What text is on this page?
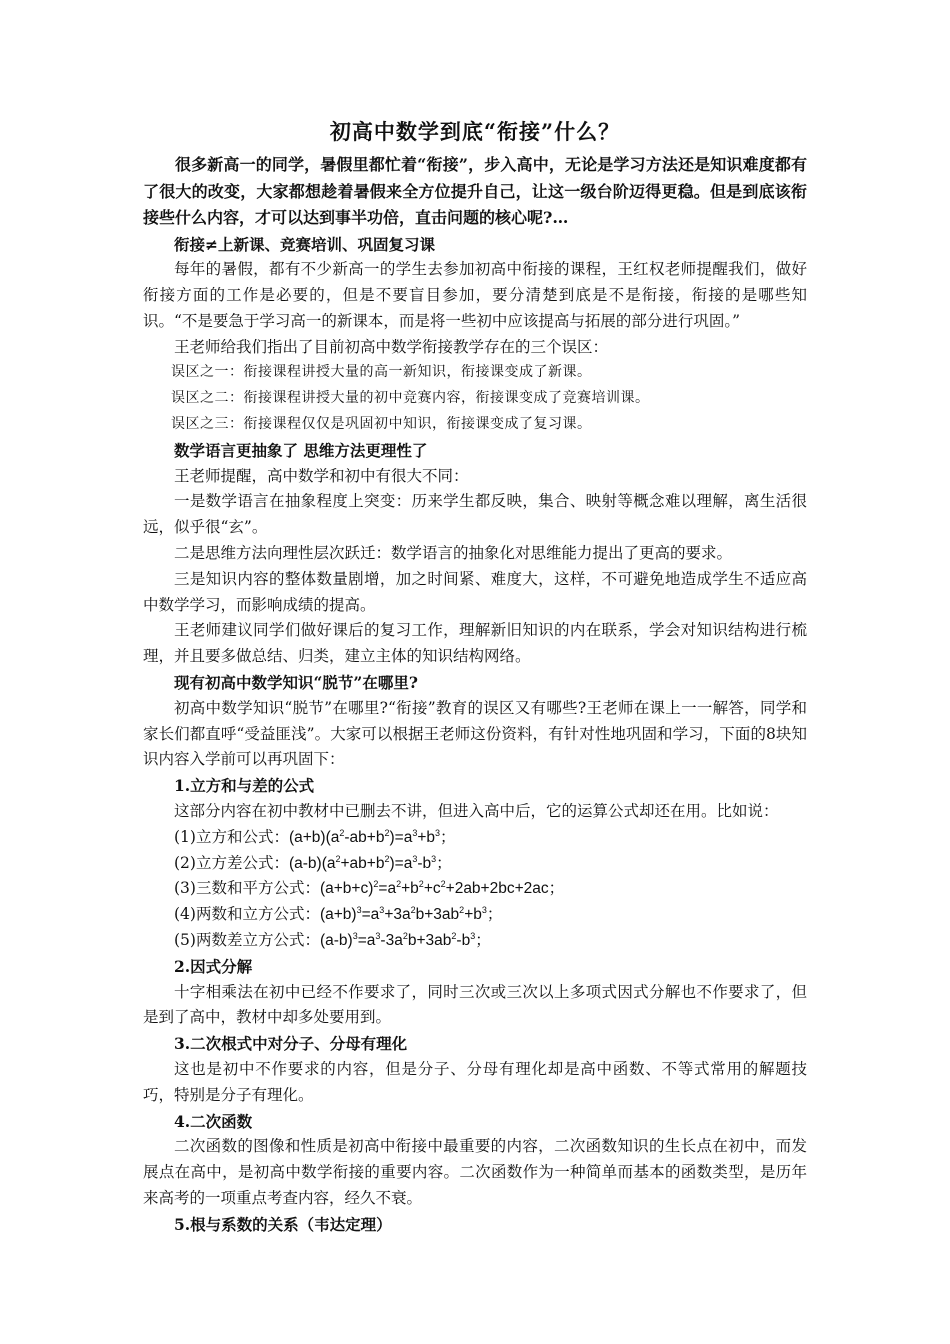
初高中数学到底“衔接”什么？

很多新高一的同学，暑假里都忙着“衔接”，步入高中，无论是学习方法还是知识难度都有了很大的改变，大家都想趁着暑假来全方位提升自己，让这一级台阶迈得更稳。但是到底该衔接些什么内容，才可以达到事半功倍，直击问题的核心呢?…

衔接≠上新课、竞赛培训、巩固复习课

每年的暑假，都有不少新高一的学生去参加初高中衔接的课程，王红权老师提醒我们，做好衔接方面的工作是必要的，但是不要盲目参加，要分清楚到底是不是衔接，衔接的是哪些知识。“不是要急于学习高一的新课本，而是将一些初中应该提高与拓展的部分进行巩固。”

王老师给我们指出了目前初高中数学衔接教学存在的三个误区：

误区之一：衔接课程讲授大量的高一新知识，衔接课变成了新课。

误区之二：衔接课程讲授大量的初中竞赛内容，衔接课变成了竞赛培训课。

误区之三：衔接课程仅仅是巩固初中知识，衔接课变成了复习课。

数学语言更抽象了 思维方法更理性了

王老师提醒，高中数学和初中有很大不同：

一是数学语言在抽象程度上突变：历来学生都反映，集合、映射等概念难以理解，离生活很远，似乎很“玄”。

二是思维方法向理性层次跃迁：数学语言的抽象化对思维能力提出了更高的要求。

三是知识内容的整体数量剧增，加之时间紧、难度大，这样，不可避免地造成学生不适应高中数学学习，而影响成绩的提高。

王老师建议同学们做好课后的复习工作，理解新旧知识的内在联系，学会对知识结构进行梳理，并且要多做总结、归类，建立主体的知识结构网络。

现有初高中数学知识“脱节”在哪里?

初高中数学知识“脱节”在哪里?“衔接”教育的误区又有哪些?王老师在课上一一解答，同学和家长们都直呼“受益匪浅”。大家可以根据王老师这份资料，有针对性地巩固和学习，下面的8块知识内容入学前可以再巩固下：

1.立方和与差的公式

这部分内容在初中教材中已删去不讲，但进入高中后，它的运算公式却还在用。比如说：

(1)立方和公式：$(a+b)(a^2-ab+b^2)=a^3+b^3$；

(2)立方差公式：$(a-b)(a^2+ab+b^2)=a^3-b^3$；

(3)三数和平方公式：$(a+b+c)^2=a^2+b^2+c^2+2ab+2bc+2ac$；

(4)两数和立方公式：$(a+b)^3=a^3+3a^2b+3ab^2+b^3$；

(5)两数差立方公式：$(a-b)^3=a^3-3a^2b+3ab^2-b^3$；

2.因式分解

十字相乘法在初中已经不作要求了，同时三次或三次以上多项式因式分解也不作要求了，但是到了高中，教材中却多处要用到。

3.二次根式中对分子、分母有理化

这也是初中不作要求的内容，但是分子、分母有理化却是高中函数、不等式常用的解题技巧，特别是分子有理化。

4.二次函数

二次函数的图像和性质是初高中衔接中最重要的内容，二次函数知识的生长点在初中，而发展点在高中，是初高中数学衔接的重要内容。二次函数作为一种简单而基本的函数类型，是历年来高考的一项重点考查内容，经久不衰。

5.根与系数的关系（韦达定理）
